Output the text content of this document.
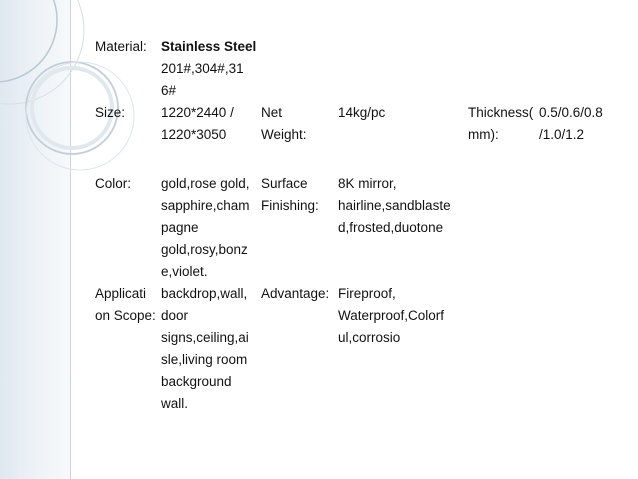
Material: Stainless Steel
201#,304#,31
6#

Size:	1220*2440 /
1220*3050

Net
Weight:

14kg/pc	Thickness(
mm):

0.5/0.6/0.8
/1.0/1.2

Color: gold,rose gold,
sapphire,cham
pagne
gold,rosy,bonz
e,violet.

Surface
Finishing:

8K mirror,
hairline,sandblaste
d,frosted,duotone

Applicati
on Scope:

backdrop,wall,
door
signs,ceiling,ai
sle,living room
background
wall.

Advantage: Fireproof,
Waterproof,Colorf
ul,corrosio
